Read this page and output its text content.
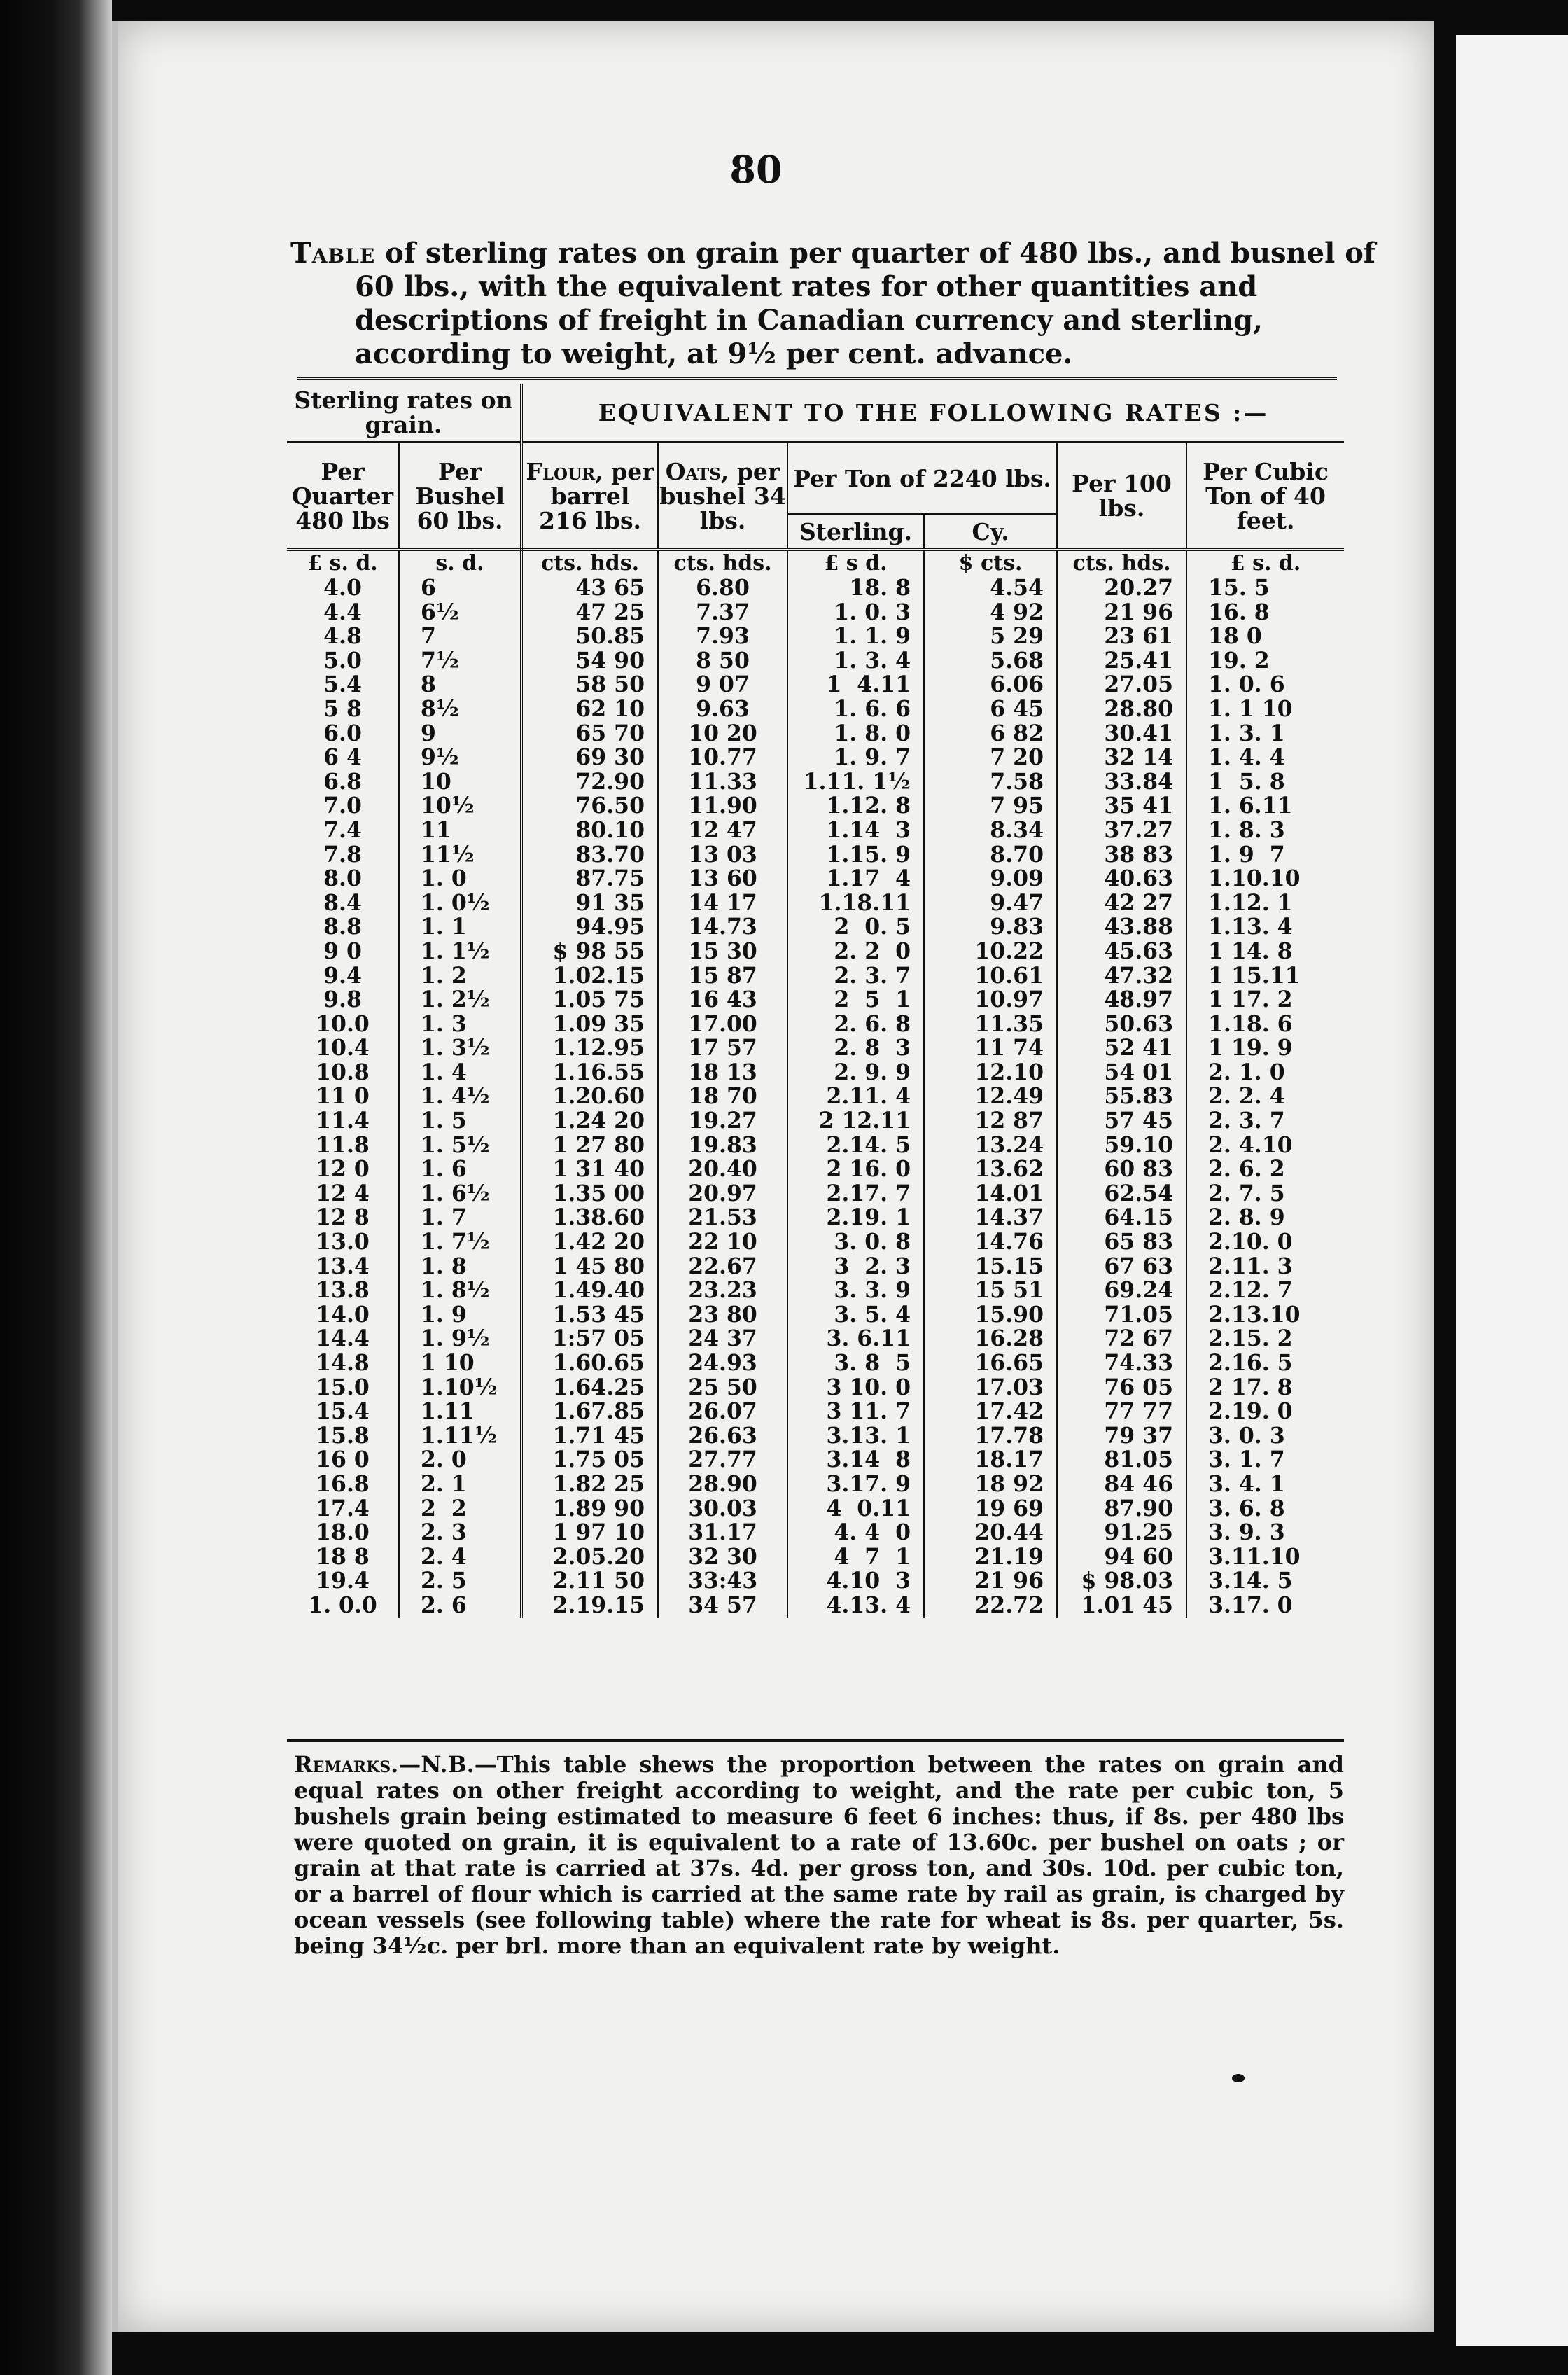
80
Table of sterling rates on grain per quarter of 480 lbs., and busnel of 60 lbs., with the equivalent rates for other quantities and descriptions of freight in Canadian currency and sterling, according to weight, at 9½ per cent. advance.
Sterling rates on grain.		EQUIVALENT TO THE FOLLOWING RATES :—					
Per Quarter 480 lbs	Per Bushel 60 lbs.	Flour, per barrel 216 lbs.	Oats, per bushel 34 lbs.	Per Ton of 2240 lbs.		Per 100 lbs.	Per Cubic Ton of 40 feet.
				Sterling.	Cy.		
£ s. d.	s. d.	cts. hds.	cts. hds.	£ s d.	$ cts.	cts. hds.	£ s. d.
4.0	6	43 65	6.80	18. 8	4.54	20.27	15. 5
4.4	6½	47 25	7.37	1. 0. 3	4 92	21 96	16. 8
4.8	7	50.85	7.93	1. 1. 9	5 29	23 61	18 0
5.0	7½	54 90	8 50	1. 3. 4	5.68	25.41	19. 2
5.4	8	58 50	9 07	1  4.11	6.06	27.05	1. 0. 6
5 8	8½	62 10	9.63	1. 6. 6	6 45	28.80	1. 1 10
6.0	9	65 70	10 20	1. 8. 0	6 82	30.41	1. 3. 1
6 4	9½	69 30	10.77	1. 9. 7	7 20	32 14	1. 4. 4
6.8	10	72.90	11.33	1.11. 1½	7.58	33.84	1  5. 8
7.0	10½	76.50	11.90	1.12. 8	7 95	35 41	1. 6.11
7.4	11	80.10	12 47	1.14  3	8.34	37.27	1. 8. 3
7.8	11½	83.70	13 03	1.15. 9	8.70	38 83	1. 9  7
8.0	1. 0	87.75	13 60	1.17  4	9.09	40.63	1.10.10
8.4	1. 0½	91 35	14 17	1.18.11	9.47	42 27	1.12. 1
8.8	1. 1	94.95	14.73	2  0. 5	9.83	43.88	1.13. 4
9 0	1. 1½	$ 98 55	15 30	2. 2  0	10.22	45.63	1 14. 8
9.4	1. 2	1.02.15	15 87	2. 3. 7	10.61	47.32	1 15.11
9.8	1. 2½	1.05 75	16 43	2  5  1	10.97	48.97	1 17. 2
10.0	1. 3	1.09 35	17.00	2. 6. 8	11.35	50.63	1.18. 6
10.4	1. 3½	1.12.95	17 57	2. 8  3	11 74	52 41	1 19. 9
10.8	1. 4	1.16.55	18 13	2. 9. 9	12.10	54 01	2. 1. 0
11 0	1. 4½	1.20.60	18 70	2.11. 4	12.49	55.83	2. 2. 4
11.4	1. 5	1.24 20	19.27	2 12.11	12 87	57 45	2. 3. 7
11.8	1. 5½	1 27 80	19.83	2.14. 5	13.24	59.10	2. 4.10
12 0	1. 6	1 31 40	20.40	2 16. 0	13.62	60 83	2. 6. 2
12 4	1. 6½	1.35 00	20.97	2.17. 7	14.01	62.54	2. 7. 5
12 8	1. 7	1.38.60	21.53	2.19. 1	14.37	64.15	2. 8. 9
13.0	1. 7½	1.42 20	22 10	3. 0. 8	14.76	65 83	2.10. 0
13.4	1. 8	1 45 80	22.67	3  2. 3	15.15	67 63	2.11. 3
13.8	1. 8½	1.49.40	23.23	3. 3. 9	15 51	69.24	2.12. 7
14.0	1. 9	1.53 45	23 80	3. 5. 4	15.90	71.05	2.13.10
14.4	1. 9½	1:57 05	24 37	3. 6.11	16.28	72 67	2.15. 2
14.8	1 10	1.60.65	24.93	3. 8  5	16.65	74.33	2.16. 5
15.0	1.10½	1.64.25	25 50	3 10. 0	17.03	76 05	2 17. 8
15.4	1.11	1.67.85	26.07	3 11. 7	17.42	77 77	2.19. 0
15.8	1.11½	1.71 45	26.63	3.13. 1	17.78	79 37	3. 0. 3
16 0	2. 0	1.75 05	27.77	3.14  8	18.17	81.05	3. 1. 7
16.8	2. 1	1.82 25	28.90	3.17. 9	18 92	84 46	3. 4. 1
17.4	2  2	1.89 90	30.03	4  0.11	19 69	87.90	3. 6. 8
18.0	2. 3	1 97 10	31.17	4. 4  0	20.44	91.25	3. 9. 3
18 8	2. 4	2.05.20	32 30	4  7  1	21.19	94 60	3.11.10
19.4	2. 5	2.11 50	33:43	4.10  3	21 96	$ 98.03	3.14. 5
1. 0.0	2. 6	2.19.15	34 57	4.13. 4	22.72	1.01 45	3.17. 0
Remarks.—N.B.—This table shews the proportion between the rates on grain and equal rates on other freight according to weight, and the rate per cubic ton, 5 bushels grain being estimated to measure 6 feet 6 inches: thus, if 8s. per 480 lbs were quoted on grain, it is equivalent to a rate of 13.60c. per bushel on oats ; or grain at that rate is carried at 37s. 4d. per gross ton, and 30s. 10d. per cubic ton, or a barrel of flour which is carried at the same rate by rail as grain, is charged by ocean vessels (see following table) where the rate for wheat is 8s. per quarter, 5s. being 34½c. per brl. more than an equivalent rate by weight.
